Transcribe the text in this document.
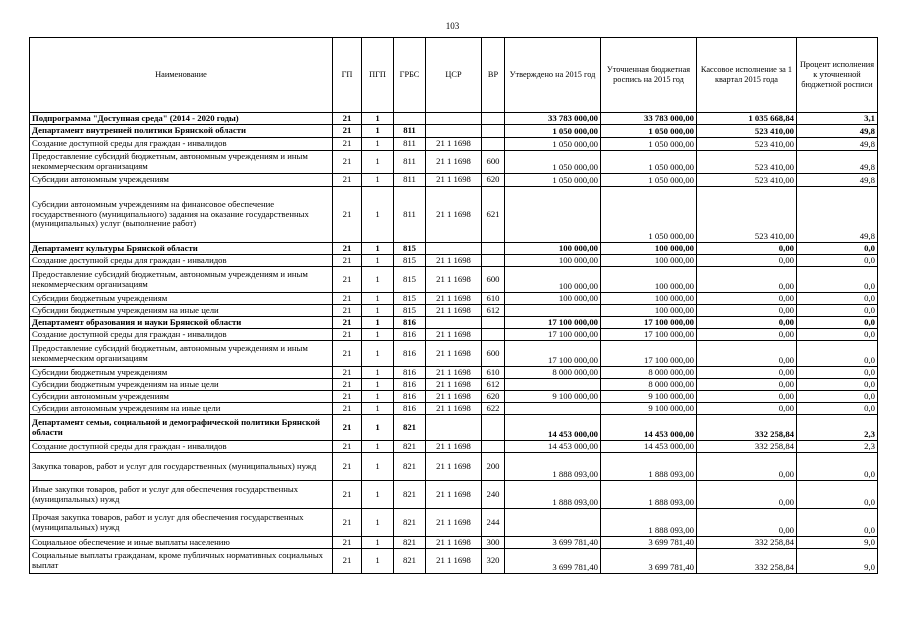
103
Наименование	ГП	ПГП	ГРБС	ЦСР	ВР	Утверждено на 2015 год	Уточненная бюджетная роспись на 2015 год	Кассовое исполнение за 1 квартал 2015 года	Процент исполнения к уточненной бюджетной росписи
Подпрограмма "Доступная среда" (2014 - 2020 годы)	21	1				33 783 000,00	33 783 000,00	1 035 668,84	3,1
Департамент внутренней политики Брянской области	21	1	811			1 050 000,00	1 050 000,00	523 410,00	49,8
Создание доступной среды для граждан - инвалидов	21	1	811	21 1 1698		1 050 000,00	1 050 000,00	523 410,00	49,8
Предоставление субсидий бюджетным, автономным учреждениям и иным некоммерческим организациям	21	1	811	21 1 1698	600	1 050 000,00	1 050 000,00	523 410,00	49,8
Субсидии автономным учреждениям	21	1	811	21 1 1698	620	1 050 000,00	1 050 000,00	523 410,00	49,8
Субсидии автономным учреждениям на финансовое обеспечение государственного (муниципального) задания на оказание государственных (муниципальных) услуг (выполнение работ)	21	1	811	21 1 1698	621		1 050 000,00	523 410,00	49,8
Департамент культуры Брянской области	21	1	815			100 000,00	100 000,00	0,00	0,0
Создание доступной среды для граждан - инвалидов	21	1	815	21 1 1698		100 000,00	100 000,00	0,00	0,0
Предоставление субсидий бюджетным, автономным учреждениям и иным некоммерческим организациям	21	1	815	21 1 1698	600	100 000,00	100 000,00	0,00	0,0
Субсидии бюджетным учреждениям	21	1	815	21 1 1698	610	100 000,00	100 000,00	0,00	0,0
Субсидии бюджетным учреждениям на иные цели	21	1	815	21 1 1698	612		100 000,00	0,00	0,0
Департамент образования и науки Брянской области	21	1	816			17 100 000,00	17 100 000,00	0,00	0,0
Создание доступной среды для граждан - инвалидов	21	1	816	21 1 1698		17 100 000,00	17 100 000,00	0,00	0,0
Предоставление субсидий бюджетным, автономным учреждениям и иным некоммерческим организациям	21	1	816	21 1 1698	600	17 100 000,00	17 100 000,00	0,00	0,0
Субсидии бюджетным учреждениям	21	1	816	21 1 1698	610	8 000 000,00	8 000 000,00	0,00	0,0
Субсидии бюджетным учреждениям на иные цели	21	1	816	21 1 1698	612		8 000 000,00	0,00	0,0
Субсидии автономным учреждениям	21	1	816	21 1 1698	620	9 100 000,00	9 100 000,00	0,00	0,0
Субсидии автономным учреждениям на иные цели	21	1	816	21 1 1698	622		9 100 000,00	0,00	0,0
Департамент семьи, социальной и демографической политики Брянской области	21	1	821			14 453 000,00	14 453 000,00	332 258,84	2,3
Создание доступной среды для граждан - инвалидов	21	1	821	21 1 1698		14 453 000,00	14 453 000,00	332 258,84	2,3
Закупка товаров, работ и услуг для государственных (муниципальных) нужд	21	1	821	21 1 1698	200	1 888 093,00	1 888 093,00	0,00	0,0
Иные закупки товаров, работ и услуг для обеспечения государственных (муниципальных) нужд	21	1	821	21 1 1698	240	1 888 093,00	1 888 093,00	0,00	0,0
Прочая закупка товаров, работ и услуг для обеспечения государственных (муниципальных) нужд	21	1	821	21 1 1698	244		1 888 093,00	0,00	0,0
Социальное обеспечение и иные выплаты населению	21	1	821	21 1 1698	300	3 699 781,40	3 699 781,40	332 258,84	9,0
Социальные выплаты гражданам, кроме публичных нормативных социальных выплат	21	1	821	21 1 1698	320	3 699 781,40	3 699 781,40	332 258,84	9,0
